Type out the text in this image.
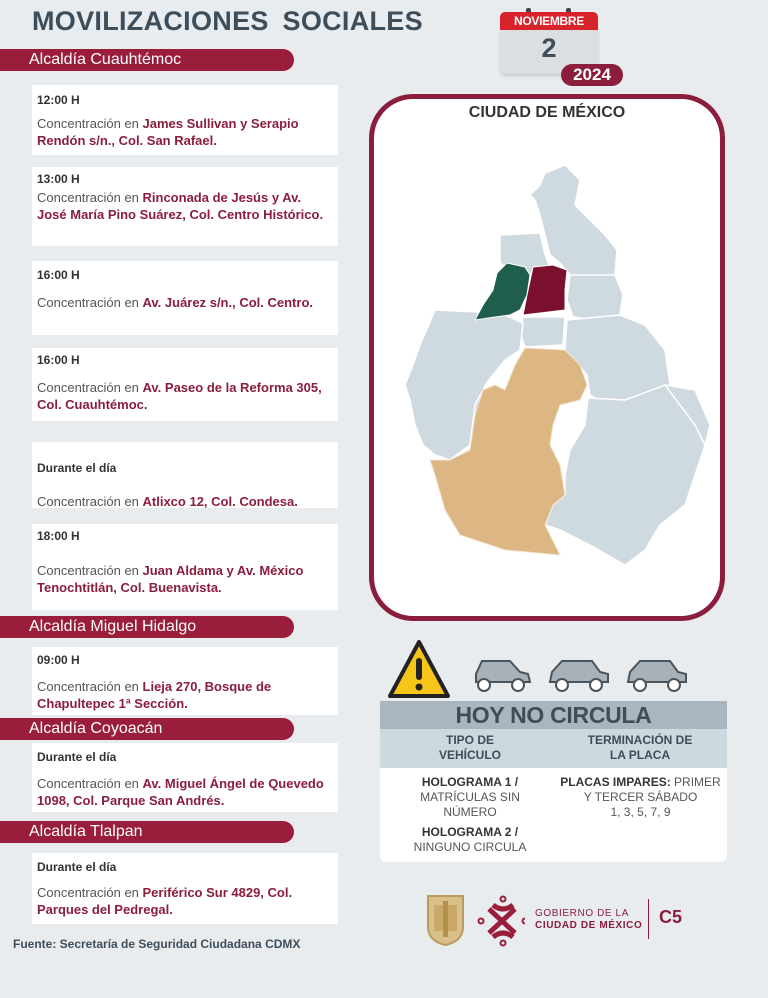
MOVILIZACIONES SOCIALES	NOVIEMBRE
2
2024
Alcaldía Cuauhtémoc
12:00 H
Concentración en James Sullivan y Serapio Rendón s/n., Col. San Rafael.
13:00 H
Concentración en Rinconada de Jesús y Av. José María Pino Suárez, Col. Centro Histórico.
16:00 H
Concentración en Av. Juárez s/n., Col. Centro.
16:00 H
Concentración en Av. Paseo de la Reforma 305, Col. Cuauhtémoc.
Durante el día
Concentración en Atlixco 12, Col. Condesa.
18:00 H
Concentración en Juan Aldama y Av. México Tenochtitlán, Col. Buenavista.
Alcaldía Miguel Hidalgo
09:00 H
Concentración en Lieja 270, Bosque de Chapultepec 1ª Sección.
Alcaldía Coyoacán
Durante el día
Concentración en Av. Miguel Ángel de Quevedo 1098, Col. Parque San Andrés.
Alcaldía Tlalpan
Durante el día
Concentración en Periférico Sur 4829, Col. Parques del Pedregal.
Fuente: Secretaría de Seguridad Ciudadana CDMX
CIUDAD DE MÉXICO
HOY NO CIRCULA
TIPO DE
VEHÍCULO
TERMINACIÓN DE
LA PLACA
HOLOGRAMA 1 /
MATRÍCULAS SIN
NÚMERO
HOLOGRAMA 2 /
NINGUNO CIRCULA
PLACAS IMPARES: PRIMER
Y TERCER SÁBADO
1, 3, 5, 7, 9
GOBIERNO DE LA
CIUDAD DE MÉXICO C5
